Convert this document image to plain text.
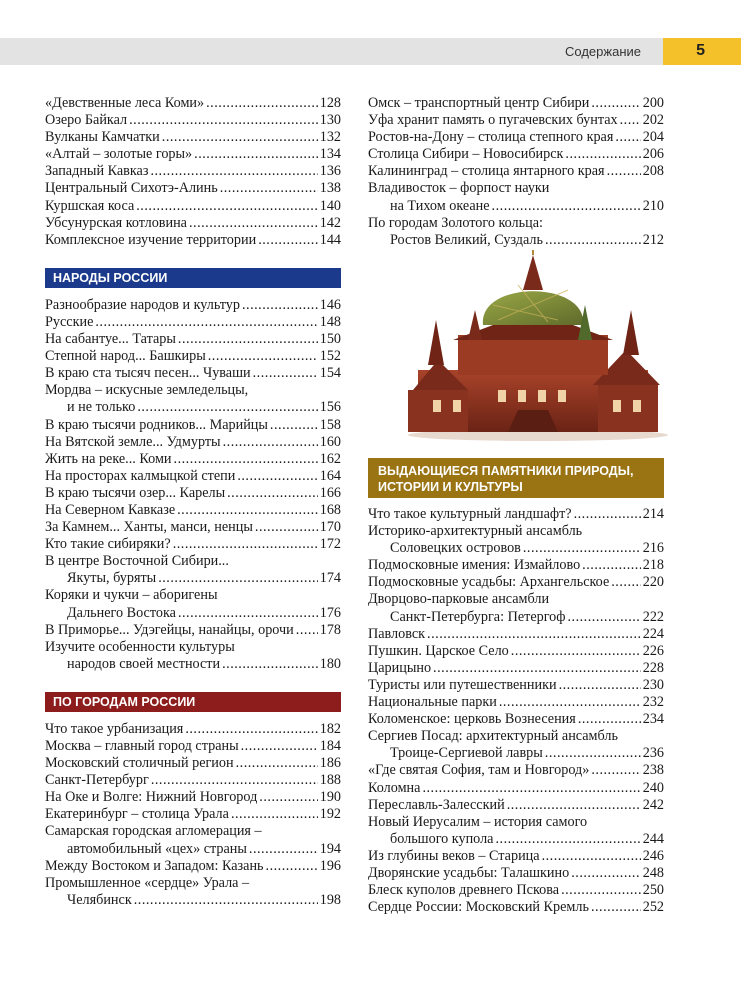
Содержание	5
«Девственные леса Коми» .....	128
Озеро Байкал .....	130
Вулканы Камчатки .....	132
«Алтай – золотые горы» .....	134
Западный Кавказ .....	136
Центральный Сихотэ-Алинь .....	138
Куршская коса .....	140
Убсунурская котловина .....	142
Комплексное изучение территории .....	144
НАРОДЫ РОССИИ
Разнообразие народов и культур .....	146
Русские .....	148
На сабантуе... Татары .....	150
Степной народ... Башкиры .....	152
В краю ста тысяч песен... Чуваши .....	154
Мордва – искусные земледельцы,
и не только .....	156
В краю тысячи родников... Марийцы .....	158
На Вятской земле... Удмурты .....	160
Жить на реке... Коми .....	162
На просторах калмыцкой степи .....	164
В краю тысячи озер... Карелы .....	166
На Северном Кавказе .....	168
За Камнем... Ханты, манси, ненцы .....	170
Кто такие сибиряки? .....	172
В центре Восточной Сибири...
Якуты, буряты .....	174
Коряки и чукчи – аборигены
Дальнего Востока .....	176
В Приморье... Удэгейцы, нанайцы, орочи ..... 178
Изучите особенности культуры
народов своей местности .....	180
ПО ГОРОДАМ РОССИИ
Что такое урбанизация .....	182
Москва – главный город страны .....	184
Московский столичный регион .....	186
Санкт-Петербург .....	188
На Оке и Волге: Нижний Новгород .....	190
Екатеринбург – столица Урала .....	192
Самарская городская агломерация –
автомобильный «цех» страны .....	194
Между Востоком и Западом: Казань .....	196
Промышленное «сердце» Урала –
Челябинск .....	198
Омск – транспортный центр Сибири .....	200
Уфа хранит память о пугачевских бунтах ..... 202
Ростов-на-Дону – столица степного края ..... 204
Столица Сибири – Новосибирск .....	206
Калининград – столица янтарного края .....	208
Владивосток – форпост науки
на Тихом океане .....	210
По городам Золотого кольца:
Ростов Великий, Суздаль .....	212
ВЫДАЮЩИЕСЯ ПАМЯТНИКИ ПРИРОДЫ,
ИСТОРИИ И КУЛЬТУРЫ
Что такое культурный ландшафт? .....	214
Историко-архитектурный ансамбль
Соловецких островов .....	216
Подмосковные имения: Измайлово .....	218
Подмосковные усадьбы: Архангельское ..... 220
Дворцово-парковые ансамбли
Санкт-Петербурга: Петергоф .....	222
Павловск .....	224
Пушкин. Царское Село .....	226
Царицыно .....	228
Туристы или путешественники .....	230
Национальные парки .....	232
Коломенское: церковь Вознесения .....	234
Сергиев Посад: архитектурный ансамбль
Троице-Сергиевой лавры .....	236
«Где святая София, там и Новгород» .....	238
Коломна .....	240
Переславль-Залесский .....	242
Новый Иерусалим – история самого
большого купола .....	244
Из глубины веков – Старица .....	246
Дворянские усадьбы: Талашкино .....	248
Блеск куполов древнего Пскова .....	250
Сердце России: Московский Кремль .....	252
